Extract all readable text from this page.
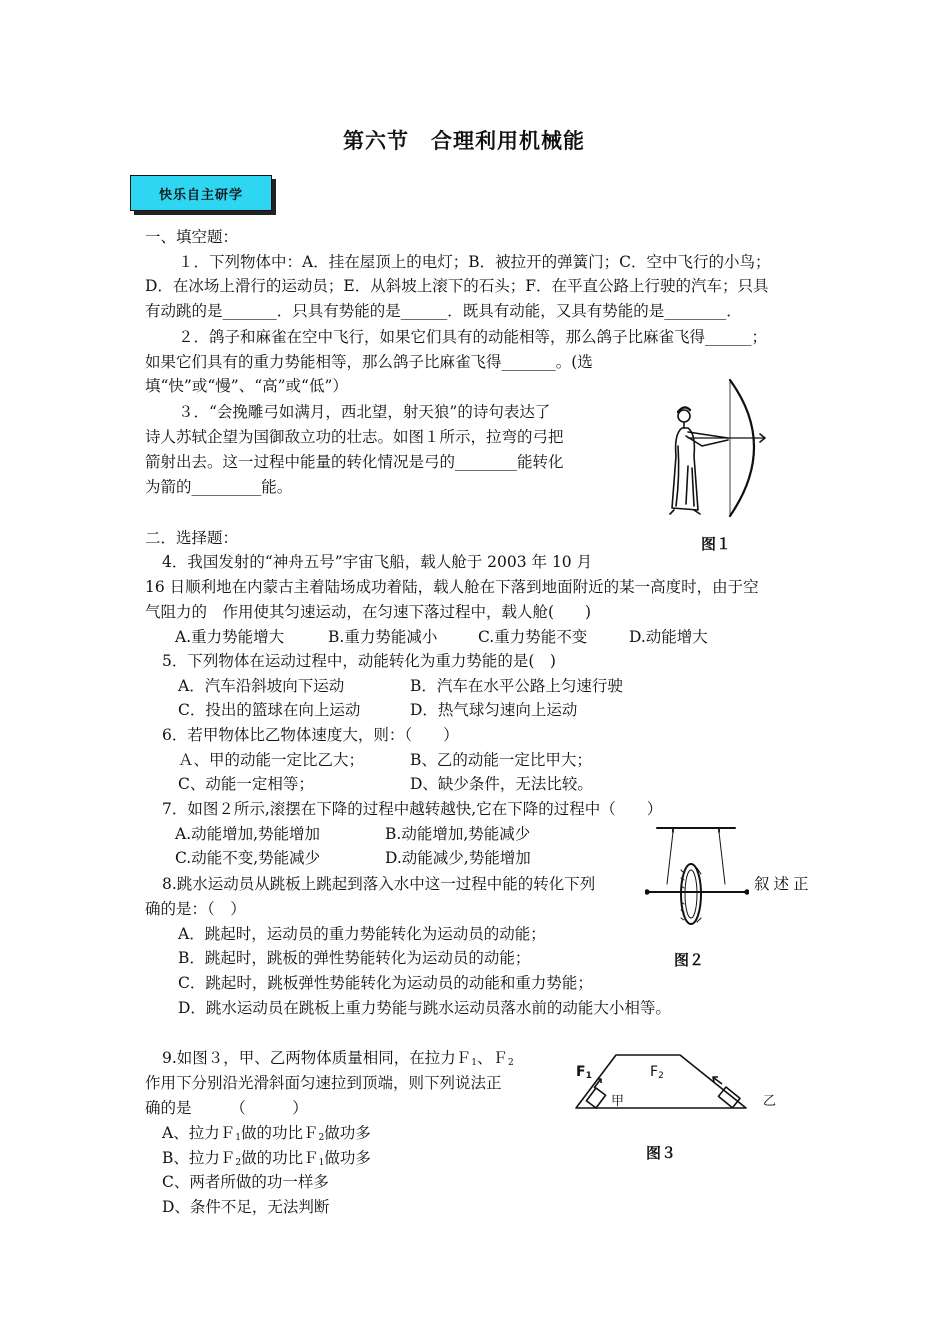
第六节　合理利用机械能
快乐自主研学
一、填空题：
１．下列物体中：A．挂在屋顶上的电灯；B．被拉开的弹簧门；C．空中飞行的小鸟；
D．在冰场上滑行的运动员；E．从斜坡上滚下的石头；F．在平直公路上行驶的汽车；只具
有动跳的是_______．只具有势能的是______．既具有动能，又具有势能的是________．
２．鸽子和麻雀在空中飞行，如果它们具有的动能相等，那么鸽子比麻雀飞得______；
如果它们具有的重力势能相等，那么鸽子比麻雀飞得_______。(选
填“快”或“慢”、“高”或“低”）
３．“会挽雕弓如满月，西北望，射天狼”的诗句表达了
诗人苏轼企望为国御敌立功的壮志。如图１所示，拉弯的弓把
箭射出去。这一过程中能量的转化情况是弓的________能转化
为箭的_________能。
图１
二．选择题：
4．我国发射的“神舟五号”宇宙飞船，载人舱于 2003 年 10 月
16 日顺利地在内蒙古主着陆场成功着陆，载人舱在下落到地面附近的某一高度时，由于空
气阻力的　作用使其匀速运动，在匀速下落过程中，载人舱(　　)
A.重力势能增大	B.重力势能减小	C.重力势能不变	D.动能增大
5．下列物体在运动过程中，动能转化为重力势能的是(　)
A．汽车沿斜坡向下运动	B．汽车在水平公路上匀速行驶
C．投出的篮球在向上运动	D．热气球匀速向上运动
6．若甲物体比乙物体速度大，则：（　　）
Ａ、甲的动能一定比乙大；	B、乙的动能一定比甲大；
C、动能一定相等；	D、缺少条件，无法比较。
7．如图２所示,滚摆在下降的过程中越转越快,它在下降的过程中（　　）
A.动能增加,势能增加	B.动能增加,势能减少
C.动能不变,势能减少	D.动能减少,势能增加
8.跳水运动员从跳板上跳起到落入水中这一过程中能的转化下列	叙述正
确的是：（　）
A．跳起时，运动员的重力势能转化为运动员的动能；
B．跳起时，跳板的弹性势能转化为运动员的动能；	图２
C．跳起时，跳板弹性势能转化为运动员的动能和重力势能；
D．跳水运动员在跳板上重力势能与跳水运动员落水前的动能大小相等。
9.如图３，甲、乙两物体质量相同，在拉力Ｆ$_1$、Ｆ$_2$
作用下分别沿光滑斜面匀速拉到顶端，则下列说法正
确的是　　　（　　　）
A、拉力Ｆ$_1$做的功比Ｆ$_2$做功多
B、拉力Ｆ$_2$做的功比Ｆ$_1$做功多
C、两者所做的功一样多
D、条件不足，无法判断
$F_1$	$F_2$
甲	乙
图３
